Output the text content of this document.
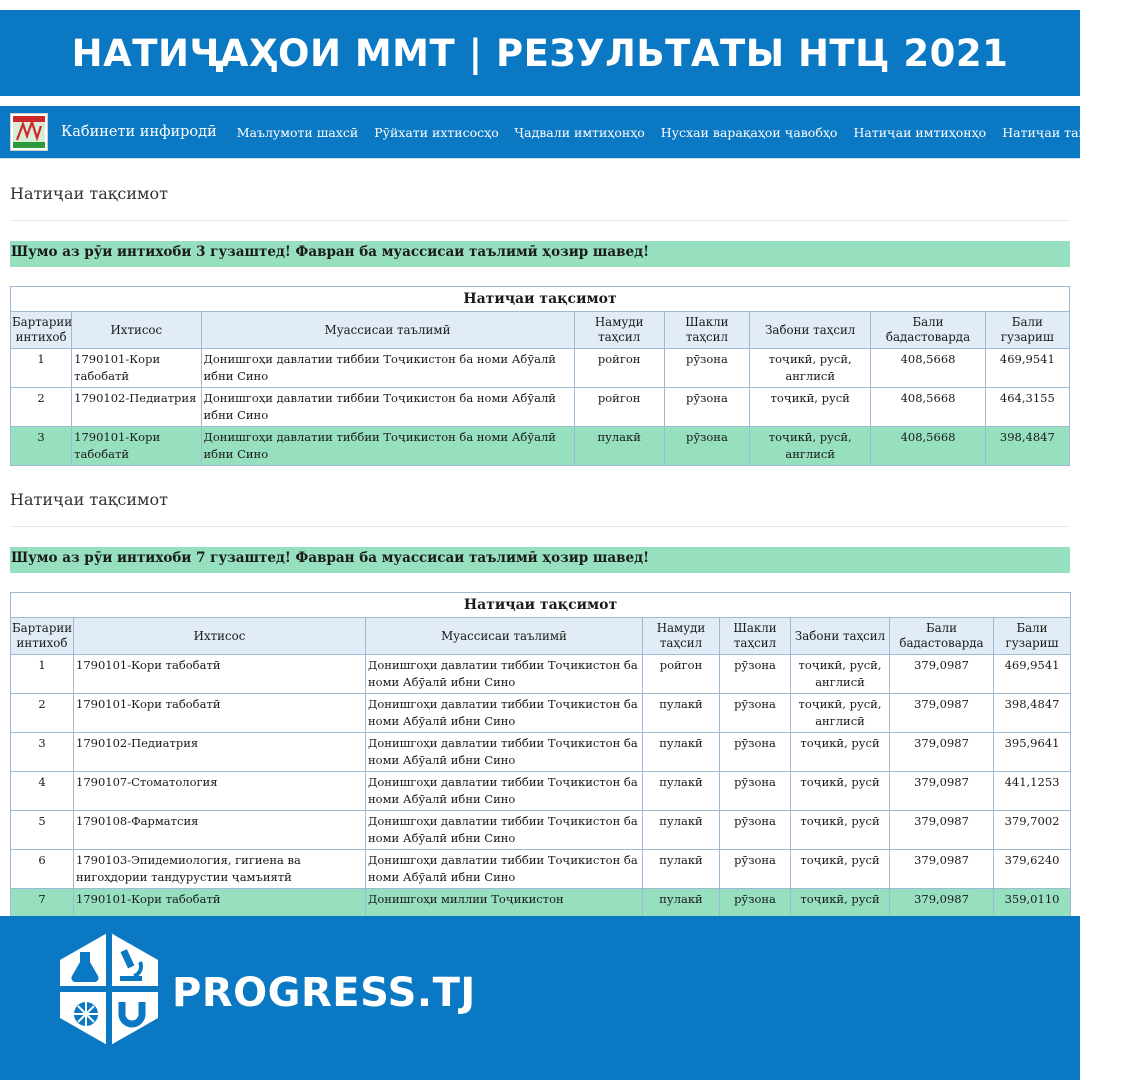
НАТИҶАҲОИ ММТ | РЕЗУЛЬТАТЫ НТЦ 2021
Кабинети инфиродӣ Маълумоти шахсӣ Рӯйхати ихтисосҳо Ҷадвали имтиҳонҳо Нусхаи варақаҳои ҷавобҳо Натиҷаи имтиҳонҳо Натиҷаи тақсимот
Натиҷаи тақсимот
Шумо аз рӯи интихоби 3 гузаштед! Фавран ба муассисаи таълимӣ ҳозир шавед!
Натиҷаи тақсимот							
Бартарии интихоб	Ихтисос	Муассисаи таълимӣ	Намуди таҳсил	Шакли таҳсил	Забони таҳсил	Бали бадастоварда	Бали гузариш
1	1790101-Кори табобатӣ	Донишгоҳи давлатии тиббии Тоҷикистон ба номи Абӯалӣ ибни Сино	ройгон	рӯзона	тоҷикӣ, русӣ, англисӣ	408,5668	469,9541
2	1790102-Педиатрия	Донишгоҳи давлатии тиббии Тоҷикистон ба номи Абӯалӣ ибни Сино	ройгон	рӯзона	тоҷикӣ, русӣ	408,5668	464,3155
3	1790101-Кори табобатӣ	Донишгоҳи давлатии тиббии Тоҷикистон ба номи Абӯалӣ ибни Сино	пулакӣ	рӯзона	тоҷикӣ, русӣ, англисӣ	408,5668	398,4847
Натиҷаи тақсимот
Шумо аз рӯи интихоби 7 гузаштед! Фавран ба муассисаи таълимӣ ҳозир шавед!
Натиҷаи тақсимот							
Бартарии интихоб	Ихтисос	Муассисаи таълимӣ	Намуди таҳсил	Шакли таҳсил	Забони таҳсил	Бали бадастоварда	Бали гузариш
1	1790101-Кори табобатӣ	Донишгоҳи давлатии тиббии Тоҷикистон ба номи Абӯалӣ ибни Сино	ройгон	рӯзона	тоҷикӣ, русӣ, англисӣ	379,0987	469,9541
2	1790101-Кори табобатӣ	Донишгоҳи давлатии тиббии Тоҷикистон ба номи Абӯалӣ ибни Сино	пулакӣ	рӯзона	тоҷикӣ, русӣ, англисӣ	379,0987	398,4847
3	1790102-Педиатрия	Донишгоҳи давлатии тиббии Тоҷикистон ба номи Абӯалӣ ибни Сино	пулакӣ	рӯзона	тоҷикӣ, русӣ	379,0987	395,9641
4	1790107-Стоматология	Донишгоҳи давлатии тиббии Тоҷикистон ба номи Абӯалӣ ибни Сино	пулакӣ	рӯзона	тоҷикӣ, русӣ	379,0987	441,1253
5	1790108-Фарматсия	Донишгоҳи давлатии тиббии Тоҷикистон ба номи Абӯалӣ ибни Сино	пулакӣ	рӯзона	тоҷикӣ, русӣ	379,0987	379,7002
6	1790103-Эпидемиология, гигиена ва нигоҳдории тандурустии ҷамъиятӣ	Донишгоҳи давлатии тиббии Тоҷикистон ба номи Абӯалӣ ибни Сино	пулакӣ	рӯзона	тоҷикӣ, русӣ	379,0987	379,6240
7	1790101-Кори табобатӣ	Донишгоҳи миллии Тоҷикистон	пулакӣ	рӯзона	тоҷикӣ, русӣ	379,0987	359,0110
PROGRESS.TJ
